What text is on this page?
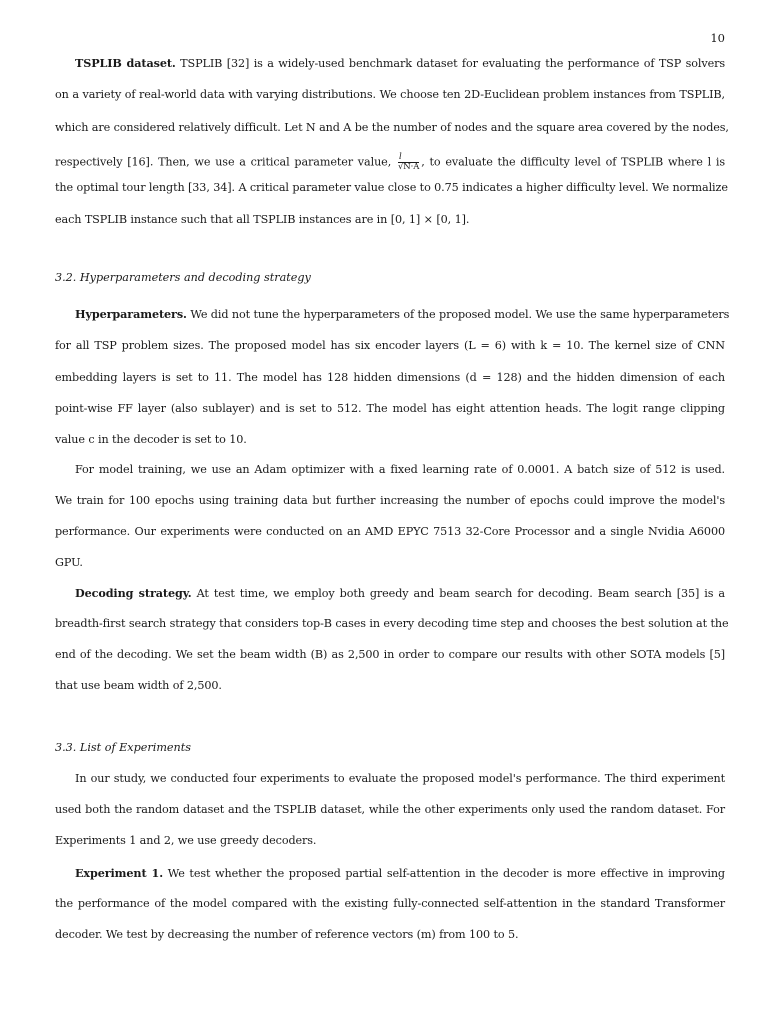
10
TSPLIB dataset. TSPLIB [32] is a widely-used benchmark dataset for evaluating the performance of TSP solvers
on a variety of real-world data with varying distributions. We choose ten 2D-Euclidean problem instances from TSPLIB,
which are considered relatively difficult. Let N and A be the number of nodes and the square area covered by the nodes,
respectively [16]. Then, we use a critical parameter value, $\frac{l}{√N\cdot A}$ , to evaluate the difficulty level of TSPLIB where l is
the optimal tour length [33, 34]. A critical parameter value close to 0.75 indicates a higher difficulty level. We normalize
each TSPLIB instance such that all TSPLIB instances are in [0, 1] × [0, 1].
3.2. Hyperparameters and decoding strategy
Hyperparameters. We did not tune the hyperparameters of the proposed model. We use the same hyperparameters
for all TSP problem sizes. The proposed model has six encoder layers (L = 6) with k = 10. The kernel size of CNN
embedding layers is set to 11. The model has 128 hidden dimensions (d = 128) and the hidden dimension of each
point-wise FF layer (also sublayer) and is set to 512. The model has eight attention heads. The logit range clipping
value c in the decoder is set to 10.
For model training, we use an Adam optimizer with a fixed learning rate of 0.0001. A batch size of 512 is used.
We train for 100 epochs using training data but further increasing the number of epochs could improve the model's
performance. Our experiments were conducted on an AMD EPYC 7513 32-Core Processor and a single Nvidia A6000
GPU.
Decoding strategy. At test time, we employ both greedy and beam search for decoding. Beam search [35] is a
breadth-first search strategy that considers top-B cases in every decoding time step and chooses the best solution at the
end of the decoding. We set the beam width (B) as 2,500 in order to compare our results with other SOTA models [5]
that use beam width of 2,500.
3.3. List of Experiments
In our study, we conducted four experiments to evaluate the proposed model's performance. The third experiment
used both the random dataset and the TSPLIB dataset, while the other experiments only used the random dataset. For
Experiments 1 and 2, we use greedy decoders.
Experiment 1. We test whether the proposed partial self-attention in the decoder is more effective in improving
the performance of the model compared with the existing fully-connected self-attention in the standard Transformer
decoder. We test by decreasing the number of reference vectors (m) from 100 to 5.
